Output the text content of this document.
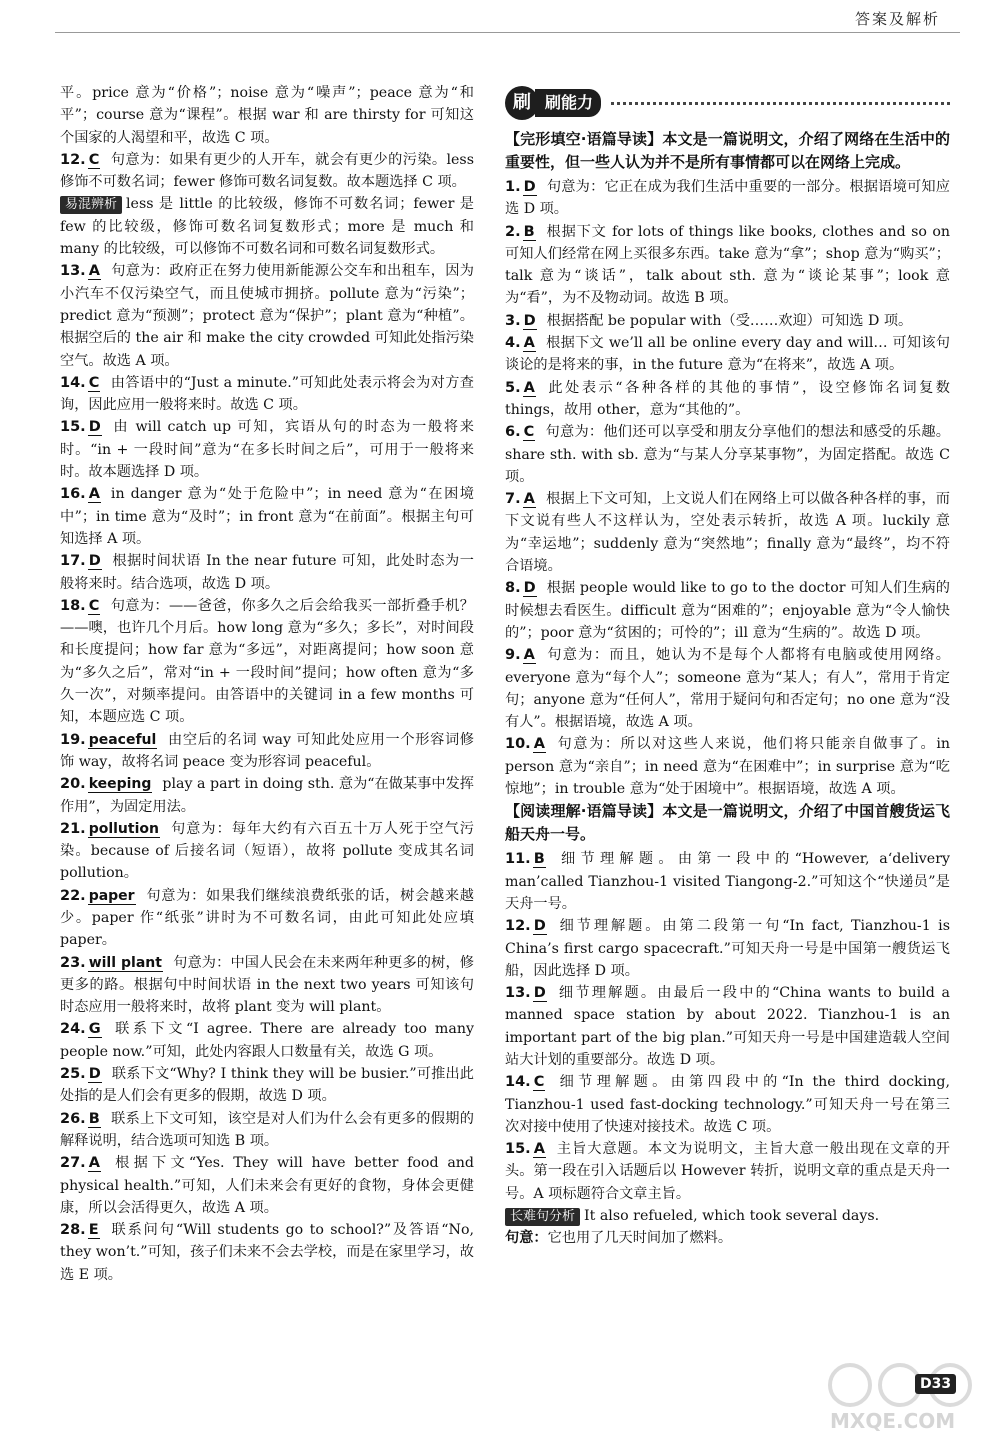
答案及解析

平。price 意为“价格”；noise 意为“噪声”；peace 意为“和平”；course 意为“课程”。根据 war 和 are thirsty for 可知这个国家的人渴望和平，故选 C 项。

12. C 句意为：如果有更少的人开车，就会有更少的污染。less 修饰不可数名词；fewer 修饰可数名词复数。故本题选择 C 项。

易混辨析 less 是 little 的比较级，修饰不可数名词；fewer 是 few 的比较级，修饰可数名词复数形式；more 是 much 和 many 的比较级，可以修饰不可数名词和可数名词复数形式。

13. A 句意为：政府正在努力使用新能源公交车和出租车，因为小汽车不仅污染空气，而且使城市拥挤。pollute 意为“污染”；predict 意为“预测”；protect 意为“保护”；plant 意为“种植”。根据空后的 the air 和 make the city crowded 可知此处指污染空气。故选 A 项。

14. C 由答语中的“Just a minute.”可知此处表示将会为对方查询，因此应用一般将来时。故选 C 项。

15. D 由 will catch up 可知，宾语从句的时态为一般将来时。“in + 一段时间”意为“在多长时间之后”，可用于一般将来时。故本题选择 D 项。

16. A in danger 意为“处于危险中”；in need 意为“在困境中”；in time 意为“及时”；in front 意为“在前面”。根据主句可知选择 A 项。

17. D 根据时间状语 In the near future 可知，此处时态为一般将来时。结合选项，故选 D 项。

18. C 句意为：——爸爸，你多久之后会给我买一部折叠手机？——噢，也许几个月后。how long 意为“多久；多长”，对时间段和长度提问；how far 意为“多远”，对距离提问；how soon 意为“多久之后”，常对“in + 一段时间”提问；how often 意为“多久一次”，对频率提问。由答语中的关键词 in a few months 可知，本题应选 C 项。

19. peaceful 由空后的名词 way 可知此处应用一个形容词修饰 way，故将名词 peace 变为形容词 peaceful。

20. keeping play a part in doing sth. 意为“在做某事中发挥作用”，为固定用法。

21. pollution 句意为：每年大约有六百五十万人死于空气污染。because of 后接名词（短语），故将 pollute 变成其名词 pollution。

22. paper 句意为：如果我们继续浪费纸张的话，树会越来越少。paper 作“纸张”讲时为不可数名词，由此可知此处应填 paper。

23. will plant 句意为：中国人民会在未来两年种更多的树，修更多的路。根据句中时间状语 in the next two years 可知该句时态应用一般将来时，故将 plant 变为 will plant。

24. G 联系下文“I agree. There are already too many people now.”可知，此处内容跟人口数量有关，故选 G 项。

25. D 联系下文“Why? I think they will be busier.”可推出此处指的是人们会有更多的假期，故选 D 项。

26. B 联系上下文可知，该空是对人们为什么会有更多的假期的解释说明，结合选项可知选 B 项。

27. A 根据下文“Yes. They will have better food and physical health.”可知，人们未来会有更好的食物，身体会更健康，所以会活得更久，故选 A 项。

28. E 联系问句“Will students go to school?”及答语“No, they won’t.”可知，孩子们未来不会去学校，而是在家里学习，故选 E 项。

刷 刷能力

【完形填空·语篇导读】本文是一篇说明文，介绍了网络在生活中的重要性，但一些人认为并不是所有事情都可以在网络上完成。

1. D 句意为：它正在成为我们生活中重要的一部分。根据语境可知应选 D 项。

2. B 根据下文 for lots of things like books, clothes and so on 可知人们经常在网上买很多东西。take 意为“拿”；shop 意为“购买”；talk 意为“谈话”，talk about sth. 意为“谈论某事”；look 意为“看”，为不及物动词。故选 B 项。

3. D 根据搭配 be popular with（受……欢迎）可知选 D 项。

4. A 根据下文 we’ll all be online every day and will… 可知该句谈论的是将来的事，in the future 意为“在将来”，故选 A 项。

5. A 此处表示“各种各样的其他的事情”，设空修饰名词复数 things，故用 other，意为“其他的”。

6. C 句意为：他们还可以享受和朋友分享他们的想法和感受的乐趣。share sth. with sb. 意为“与某人分享某事物”，为固定搭配。故选 C 项。

7. A 根据上下文可知，上文说人们在网络上可以做各种各样的事，而下文说有些人不这样认为，空处表示转折，故选 A 项。luckily 意为“幸运地”；suddenly 意为“突然地”；finally 意为“最终”，均不符合语境。

8. D 根据 people would like to go to the doctor 可知人们生病的时候想去看医生。difficult 意为“困难的”；enjoyable 意为“令人愉快的”；poor 意为“贫困的；可怜的”；ill 意为“生病的”。故选 D 项。

9. A 句意为：而且，她认为不是每个人都将有电脑或使用网络。everyone 意为“每个人”；someone 意为“某人；有人”，常用于肯定句；anyone 意为“任何人”，常用于疑问句和否定句；no one 意为“没有人”。根据语境，故选 A 项。

10. A 句意为：所以对这些人来说，他们将只能亲自做事了。in person 意为“亲自”；in need 意为“在困难中”；in surprise 意为“吃惊地”；in trouble 意为“处于困境中”。根据语境，故选 A 项。

【阅读理解·语篇导读】本文是一篇说明文，介绍了中国首艘货运飞船天舟一号。

11. B 细节理解题。由第一段中的“However, a‘delivery man’called Tianzhou-1 visited Tiangong-2.”可知这个“快递员”是天舟一号。

12. D 细节理解题。由第二段第一句“In fact, Tianzhou-1 is China’s first cargo spacecraft.”可知天舟一号是中国第一艘货运飞船，因此选择 D 项。

13. D 细节理解题。由最后一段中的“China wants to build a manned space station by about 2022. Tianzhou-1 is an important part of the big plan.”可知天舟一号是中国建造载人空间站大计划的重要部分。故选 D 项。

14. C 细节理解题。由第四段中的“In the third docking, Tianzhou-1 used fast-docking technology.”可知天舟一号在第三次对接中使用了快速对接技术。故选 C 项。

15. A 主旨大意题。本文为说明文，主旨大意一般出现在文章的开头。第一段在引入话题后以 However 转折，说明文章的重点是天舟一号。A 项标题符合文章主旨。

长难句分析 It also refueled, which took several days.

句意：它也用了几天时间加了燃料。

MXQE.COM
D33
